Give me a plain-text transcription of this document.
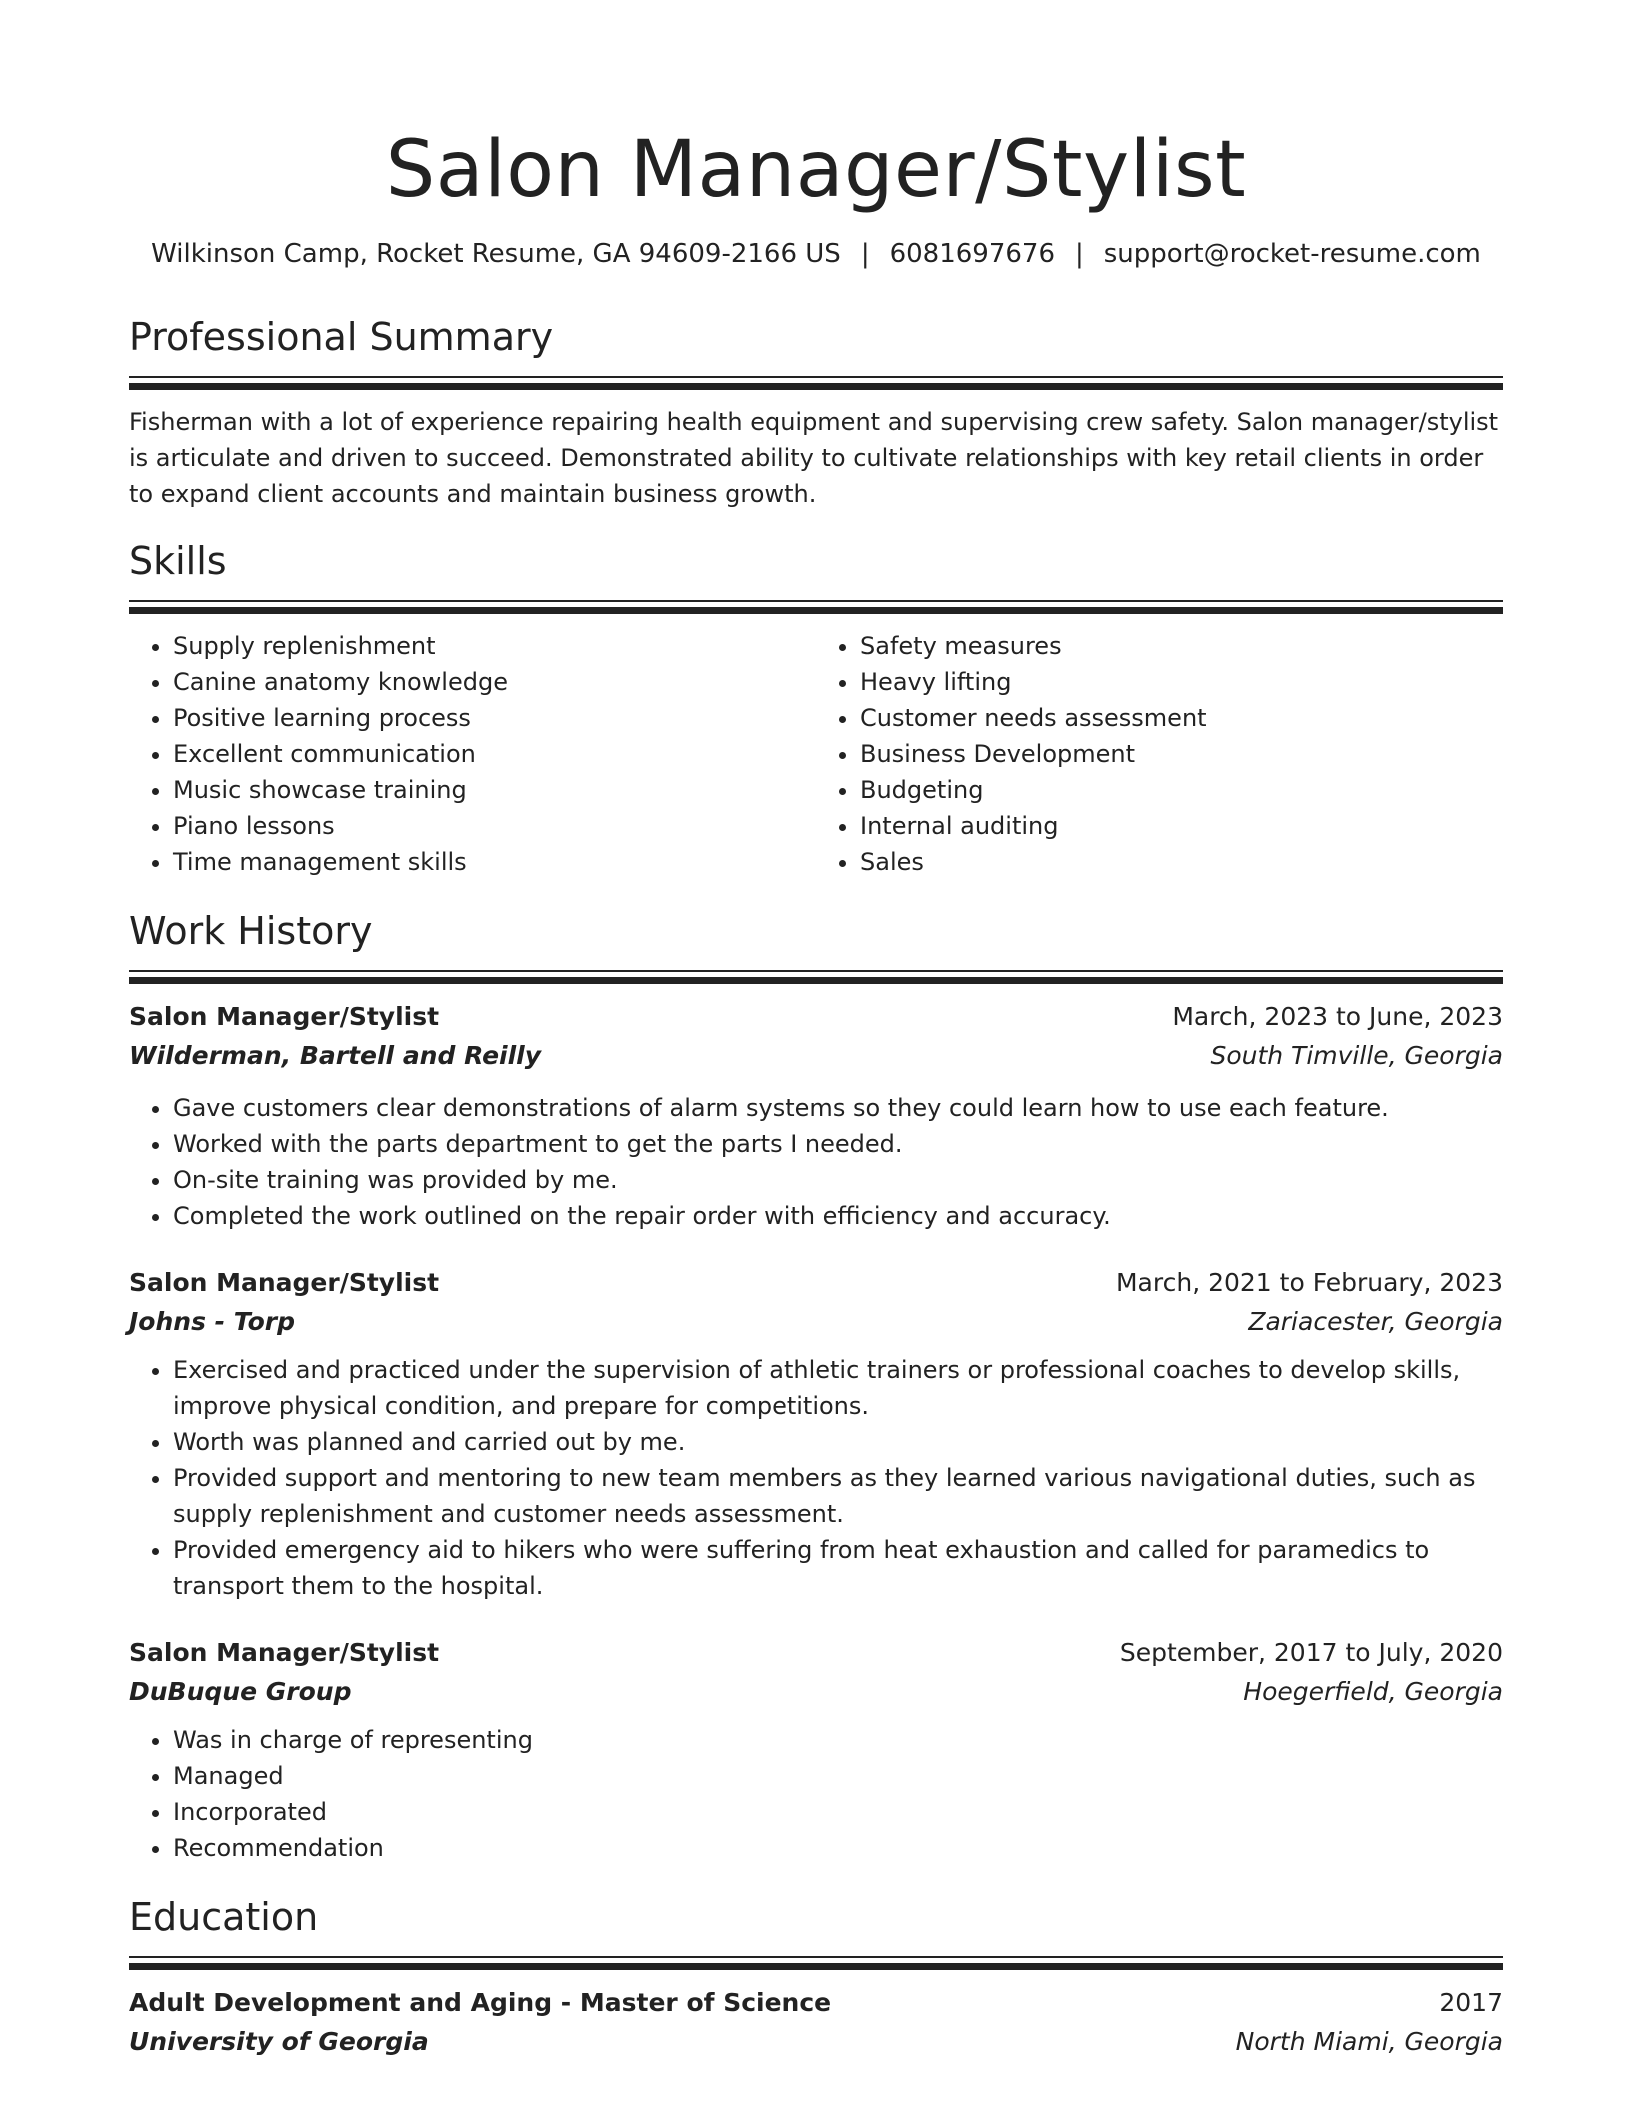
Salon Manager/Stylist
Wilkinson Camp, Rocket Resume, GA 94609-2166 US | 6081697676 | support@rocket-resume.com
Professional Summary

Fisherman with a lot of experience repairing health equipment and supervising crew safety. Salon manager/stylist is articulate and driven to succeed. Demonstrated ability to cultivate relationships with key retail clients in order to expand client accounts and maintain business growth.

Skills
• Supply replenishment
• Canine anatomy knowledge
• Positive learning process
• Excellent communication
• Music showcase training
• Piano lessons
• Time management skills
• Safety measures
• Heavy lifting
• Customer needs assessment
• Business Development
• Budgeting
• Internal auditing
• Sales
Work History
Salon Manager/Stylist	March, 2023 to June, 2023
Wilderman, Bartell and Reilly	South Timville, Georgia
• Gave customers clear demonstrations of alarm systems so they could learn how to use each feature.
• Worked with the parts department to get the parts I needed.
• On-site training was provided by me.
• Completed the work outlined on the repair order with efficiency and accuracy.
Salon Manager/Stylist	March, 2021 to February, 2023
Johns - Torp	Zariacester, Georgia
• Exercised and practiced under the supervision of athletic trainers or professional coaches to develop skills, improve physical condition, and prepare for competitions.
• Worth was planned and carried out by me.
• Provided support and mentoring to new team members as they learned various navigational duties, such as supply replenishment and customer needs assessment.
• Provided emergency aid to hikers who were suffering from heat exhaustion and called for paramedics to transport them to the hospital.
Salon Manager/Stylist	September, 2017 to July, 2020
DuBuque Group	Hoegerfield, Georgia
• Was in charge of representing
• Managed
• Incorporated
• Recommendation
Education
Adult Development and Aging - Master of Science	2017
University of Georgia	North Miami, Georgia
